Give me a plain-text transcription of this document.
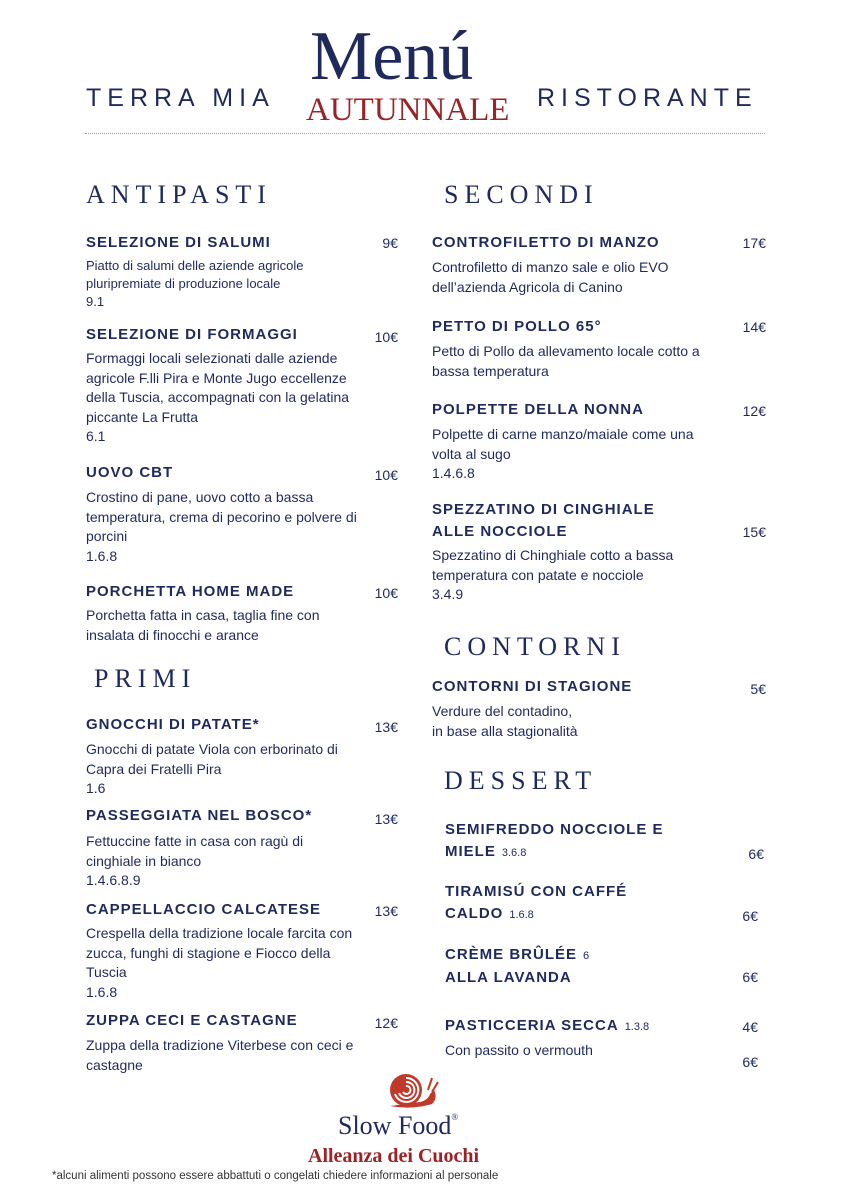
TERRA MIA
Menú
AUTUNNALE RISTORANTE
ANTIPASTI
SELEZIONE DI SALUMI	9€
Piatto di salumi delle aziende agricole
pluripremiate di produzione locale
9.1
SELEZIONE DI FORMAGGI	10€
Formaggi locali selezionati dalle aziende
agricole F.lli Pira e Monte Jugo eccellenze
della Tuscia, accompagnati con la gelatina
piccante La Frutta
6.1
UOVO CBT	10€
Crostino di pane, uovo cotto a bassa
temperatura, crema di pecorino e polvere di
porcini
1.6.8
PORCHETTA HOME MADE	10€
Porchetta fatta in casa, taglia fine con
insalata di finocchi e arance
PRIMI
GNOCCHI DI PATATE*	13€
Gnocchi di patate Viola con erborinato di
Capra dei Fratelli Pira
1.6
PASSEGGIATA NEL BOSCO*	13€
Fettuccine fatte in casa con ragù di
cinghiale in bianco
1.4.6.8.9
CAPPELLACCIO CALCATESE	13€
Crespella della tradizione locale farcita con
zucca, funghi di stagione e Fiocco della
Tuscia
1.6.8
ZUPPA CECI E CASTAGNE	12€
Zuppa della tradizione Viterbese con ceci e
castagne
SECONDI
CONTROFILETTO DI MANZO	17€
Controfiletto di manzo sale e olio EVO
dell’azienda Agricola di Canino
PETTO DI POLLO 65°	14€
Petto di Pollo da allevamento locale cotto a
bassa temperatura
POLPETTE DELLA NONNA	12€
Polpette di carne manzo/maiale come una
volta al sugo
1.4.6.8
SPEZZATINO DI CINGHIALE
ALLE NOCCIOLE	15€
Spezzatino di Chinghiale cotto a bassa
temperatura con patate e nocciole
3.4.9
CONTORNI
CONTORNI DI STAGIONE	5€
Verdure del contadino,
in base alla stagionalità
DESSERT
SEMIFREDDO NOCCIOLE E
MIELE 3.6.8	6€
TIRAMISÚ CON CAFFÉ
CALDO 1.6.8	6€
CRÈME BRÛLÉE 6
ALLA LAVANDA	6€
PASTICCERIA SECCA 1.3.8	4€
Con passito o vermouth
6€
Slow Food®
Alleanza dei Cuochi
*alcuni alimenti possono essere abbattuti o congelati chiedere informazioni al personale
